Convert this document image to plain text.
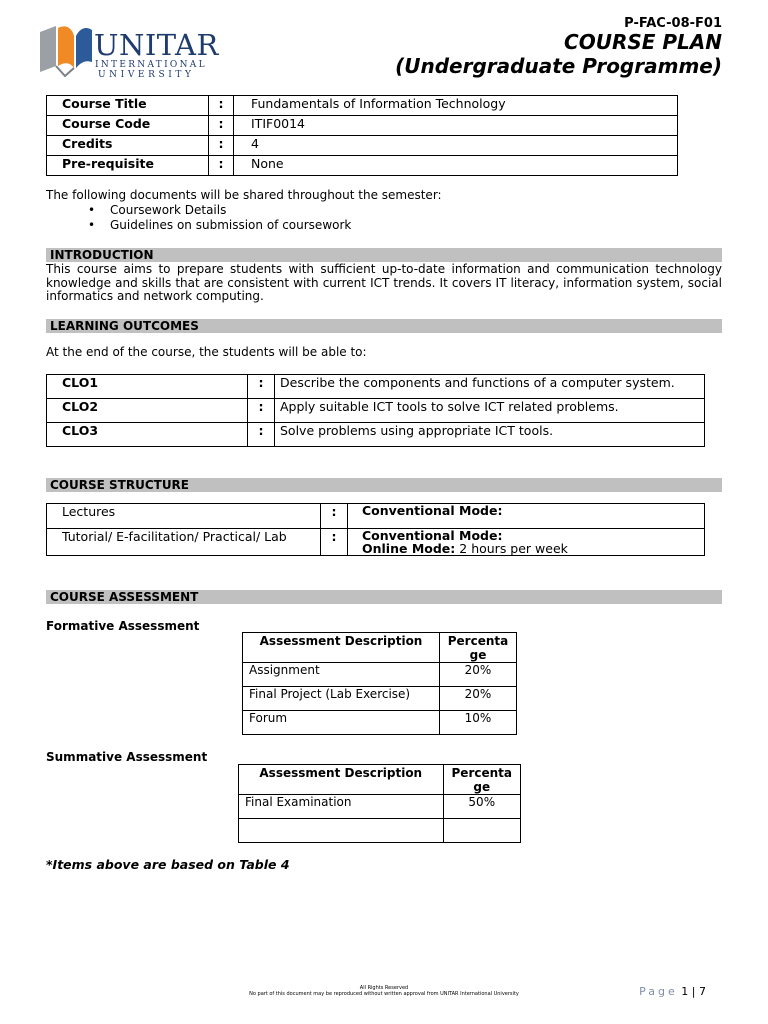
UNITAR
INTERNATIONAL
UNIVERSITY
P-FAC-08-F01
COURSE PLAN
(Undergraduate Programme)
Course Title	:	Fundamentals of Information Technology
Course Code	:	ITIF0014
Credits	:	4
Pre-requisite	:	None
The following documents will be shared throughout the semester:
• Coursework Details
• Guidelines on submission of coursework
INTRODUCTION
This course aims to prepare students with sufficient up-to-date information and communication technology knowledge and skills that are consistent with current ICT trends. It covers IT literacy, information system, social informatics and network computing.
LEARNING OUTCOMES
At the end of the course, the students will be able to:
CLO1	:	Describe the components and functions of a computer system.
CLO2	:	Apply suitable ICT tools to solve ICT related problems.
CLO3	:	Solve problems using appropriate ICT tools.
COURSE STRUCTURE
Lectures	:	Conventional Mode:
Tutorial/ E-facilitation/ Practical/ Lab	:	Conventional Mode:
Online Mode: 2 hours per week
COURSE ASSESSMENT
Formative Assessment
Assessment Description	Percenta ge
Assignment	20%
Final Project (Lab Exercise)	20%
Forum	10%
Summative Assessment
Assessment Description	Percenta ge
Final Examination	50%

*Items above are based on Table 4
All Rights Reserved
No part of this document may be reproduced without written approval from UNITAR International University	Page 1 | 7
